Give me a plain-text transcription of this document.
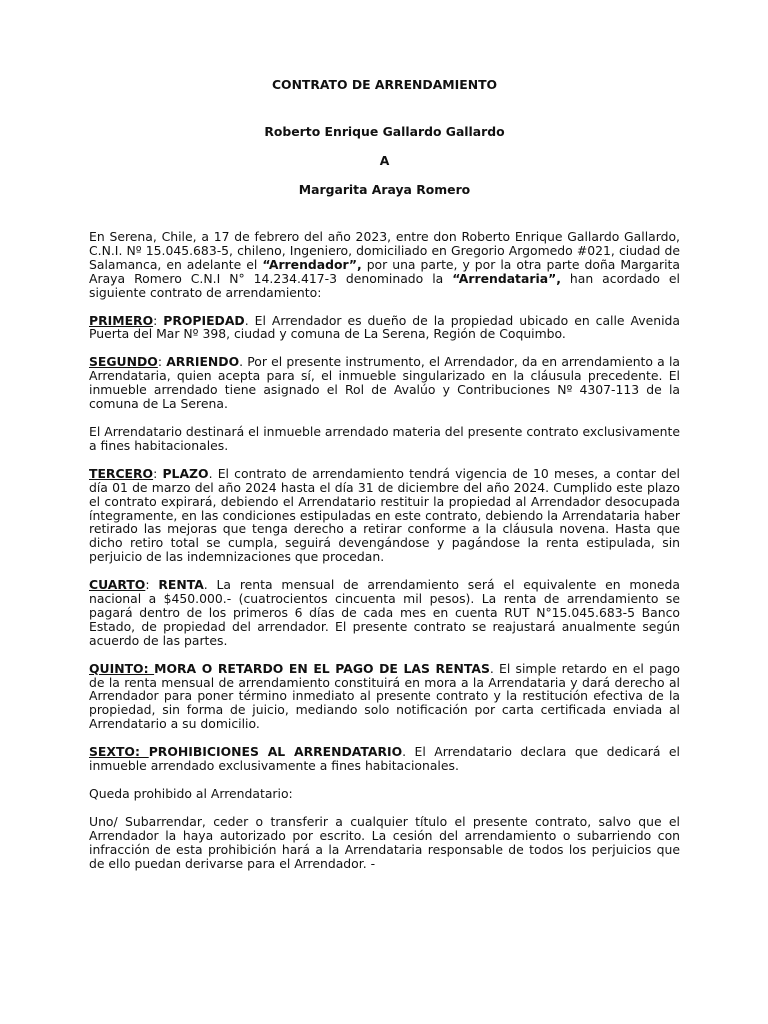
CONTRATO DE ARRENDAMIENTO

Roberto Enrique Gallardo Gallardo

A

Margarita Araya Romero

En Serena, Chile, a 17 de febrero del año 2023, entre don Roberto Enrique Gallardo Gallardo, C.N.I. Nº 15.045.683-5, chileno, Ingeniero, domiciliado en Gregorio Argomedo #021, ciudad de Salamanca, en adelante el “Arrendador”, por una parte, y por la otra parte doña Margarita Araya Romero C.N.I N° 14.234.417-3 denominado la “Arrendataria”, han acordado el siguiente contrato de arrendamiento:

PRIMERO: PROPIEDAD. El Arrendador es dueño de la propiedad ubicado en calle Avenida Puerta del Mar Nº 398, ciudad y comuna de La Serena, Región de Coquimbo.

SEGUNDO: ARRIENDO. Por el presente instrumento, el Arrendador, da en arrendamiento a la Arrendataria, quien acepta para sí, el inmueble singularizado en la cláusula precedente. El inmueble arrendado tiene asignado el Rol de Avalúo y Contribuciones Nº 4307-113 de la comuna de La Serena.

El Arrendatario destinará el inmueble arrendado materia del presente contrato exclusivamente a fines habitacionales.

TERCERO: PLAZO. El contrato de arrendamiento tendrá vigencia de 10 meses, a contar del día 01 de marzo del año 2024 hasta el día 31 de diciembre del año 2024. Cumplido este plazo el contrato expirará, debiendo el Arrendatario restituir la propiedad al Arrendador desocupada íntegramente, en las condiciones estipuladas en este contrato, debiendo la Arrendataria haber retirado las mejoras que tenga derecho a retirar conforme a la cláusula novena. Hasta que dicho retiro total se cumpla, seguirá devengándose y pagándose la renta estipulada, sin perjuicio de las indemnizaciones que procedan.

CUARTO: RENTA. La renta mensual de arrendamiento será el equivalente en moneda nacional a $450.000.- (cuatrocientos cincuenta mil pesos). La renta de arrendamiento se pagará dentro de los primeros 6 días de cada mes en cuenta RUT N°15.045.683-5 Banco Estado, de propiedad del arrendador. El presente contrato se reajustará anualmente según acuerdo de las partes.

QUINTO: MORA O RETARDO EN EL PAGO DE LAS RENTAS. El simple retardo en el pago de la renta mensual de arrendamiento constituirá en mora a la Arrendataria y dará derecho al Arrendador para poner término inmediato al presente contrato y la restitución efectiva de la propiedad, sin forma de juicio, mediando solo notificación por carta certificada enviada al Arrendatario a su domicilio.

SEXTO: PROHIBICIONES AL ARRENDATARIO. El Arrendatario declara que dedicará el inmueble arrendado exclusivamente a fines habitacionales.

Queda prohibido al Arrendatario:

Uno/ Subarrendar, ceder o transferir a cualquier título el presente contrato, salvo que el Arrendador la haya autorizado por escrito. La cesión del arrendamiento o subarriendo con infracción de esta prohibición hará a la Arrendataria responsable de todos los perjuicios que de ello puedan derivarse para el Arrendador. -
